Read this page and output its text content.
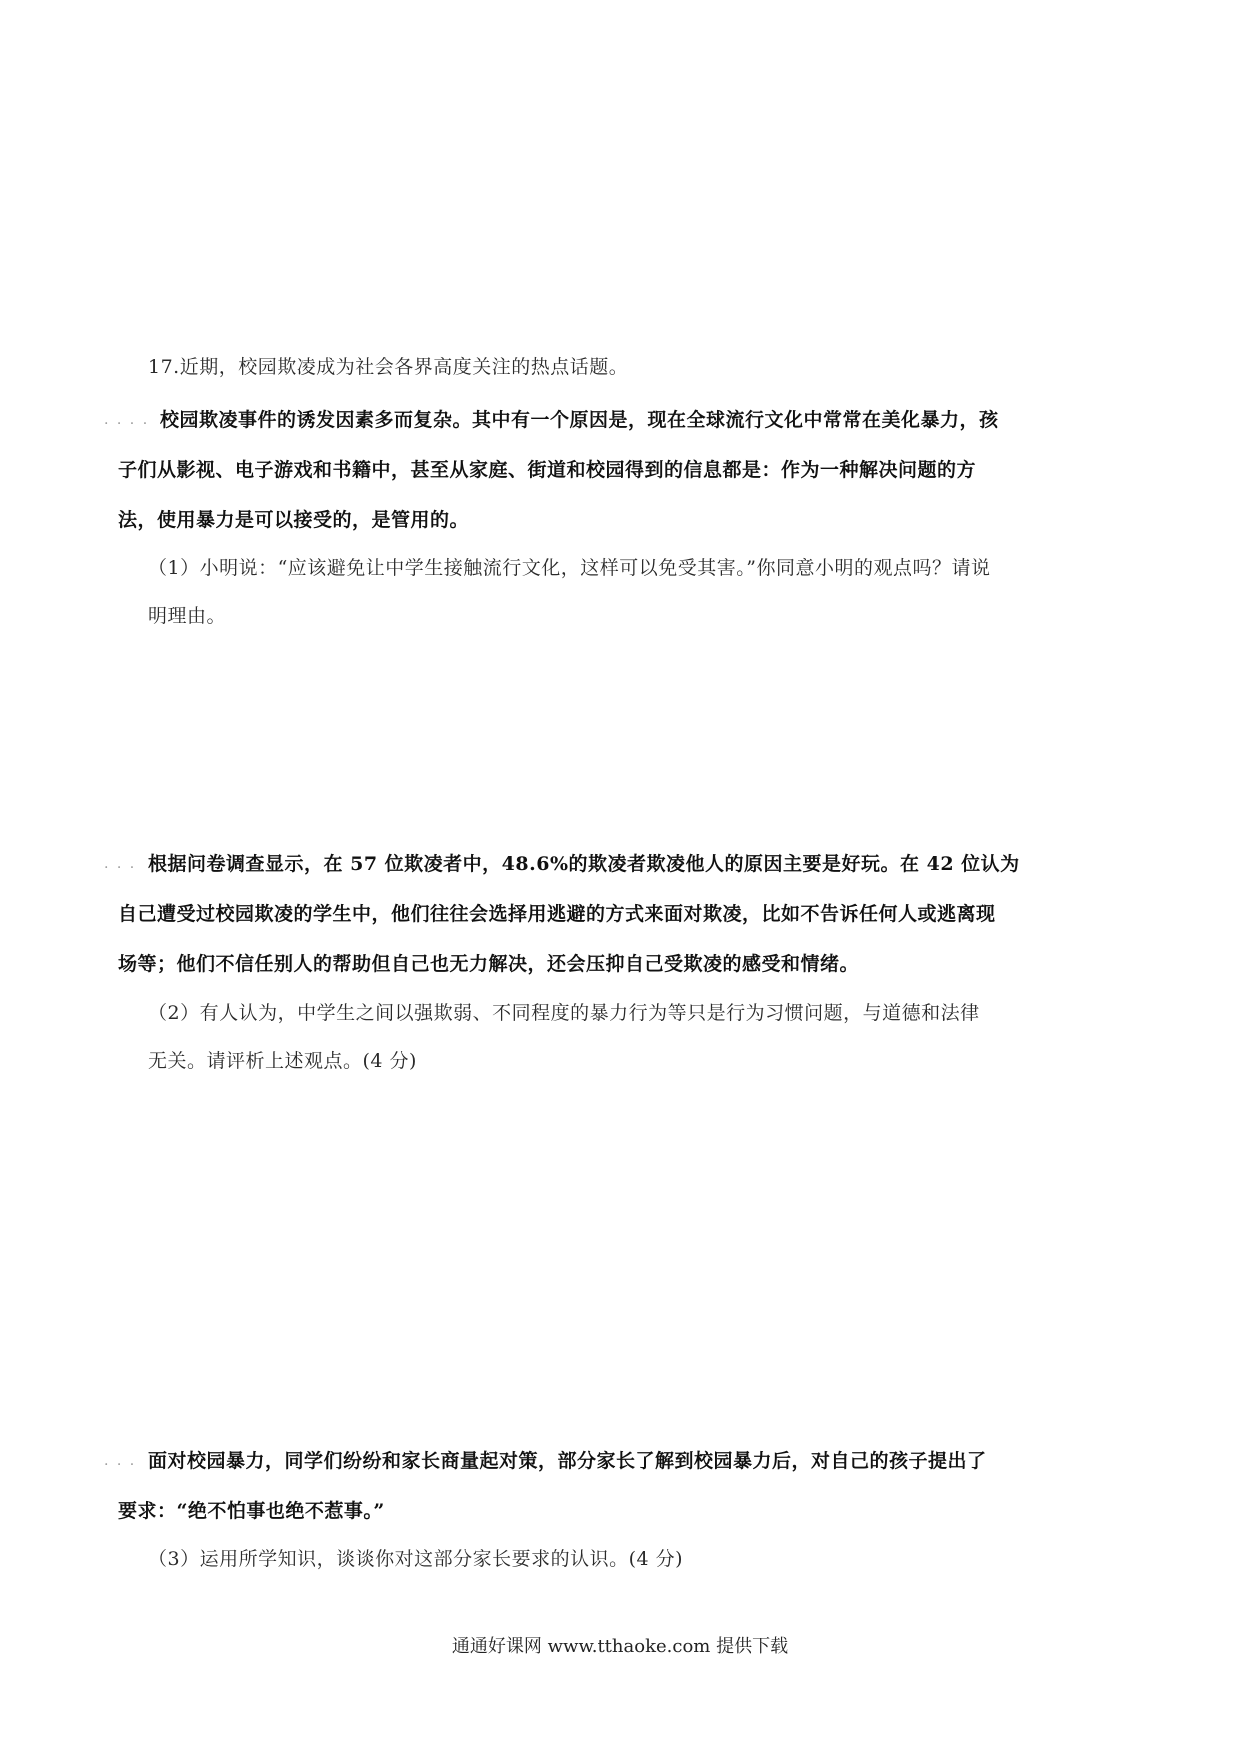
17.近期，校园欺凌成为社会各界高度关注的热点话题。
. . . . 校园欺凌事件的诱发因素多而复杂。其中有一个原因是，现在全球流行文化中常常在美化暴力，孩
子们从影视、电子游戏和书籍中，甚至从家庭、街道和校园得到的信息都是：作为一种解决问题的方
法，使用暴力是可以接受的，是管用的。
（1）小明说：“应该避免让中学生接触流行文化，这样可以免受其害。”你同意小明的观点吗？请说
明理由。
. . . 根据问卷调查显示，在 57 位欺凌者中，48.6%的欺凌者欺凌他人的原因主要是好玩。在 42 位认为
自己遭受过校园欺凌的学生中，他们往往会选择用逃避的方式来面对欺凌，比如不告诉任何人或逃离现
场等；他们不信任别人的帮助但自己也无力解决，还会压抑自己受欺凌的感受和情绪。
（2）有人认为，中学生之间以强欺弱、不同程度的暴力行为等只是行为习惯问题，与道德和法律
无关。请评析上述观点。(4 分)
. . . 面对校园暴力，同学们纷纷和家长商量起对策，部分家长了解到校园暴力后，对自己的孩子提出了
要求：“绝不怕事也绝不惹事。”
（3）运用所学知识，谈谈你对这部分家长要求的认识。(4 分)
通通好课网 www.tthaoke.com 提供下载
